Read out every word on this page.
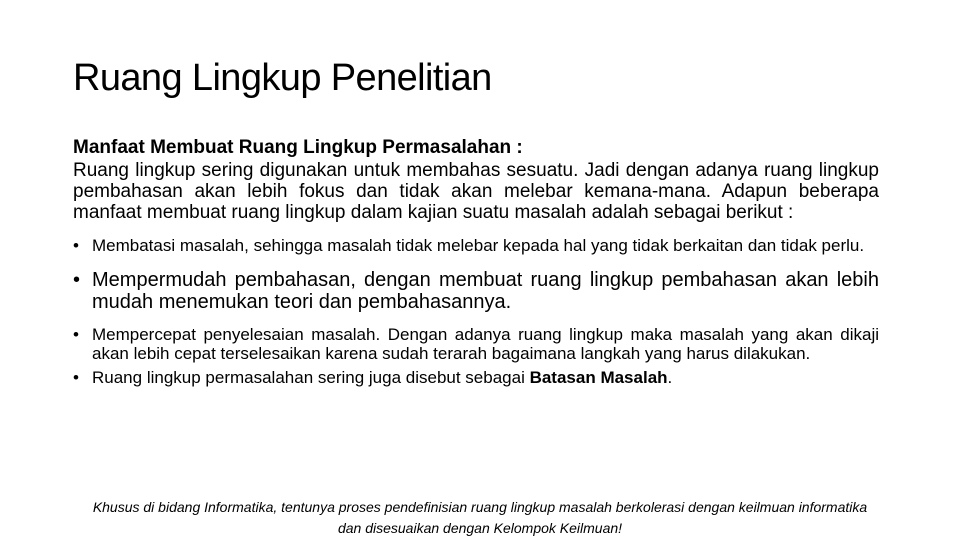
Ruang Lingkup Penelitian

Manfaat Membuat Ruang Lingkup Permasalahan :

Ruang lingkup sering digunakan untuk membahas sesuatu. Jadi dengan adanya ruang lingkup pembahasan akan lebih fokus dan tidak akan melebar kemana-mana. Adapun beberapa manfaat membuat ruang lingkup dalam kajian suatu masalah adalah sebagai berikut :

• Membatasi masalah, sehingga masalah tidak melebar kepada hal yang tidak berkaitan dan tidak perlu.
• Mempermudah pembahasan, dengan membuat ruang lingkup pembahasan akan lebih mudah menemukan teori dan pembahasannya.
• Mempercepat penyelesaian masalah. Dengan adanya ruang lingkup maka masalah yang akan dikaji akan lebih cepat terselesaikan karena sudah terarah bagaimana langkah yang harus dilakukan.
• Ruang lingkup permasalahan sering juga disebut sebagai Batasan Masalah.

Khusus di bidang Informatika, tentunya proses pendefinisian ruang lingkup masalah berkolerasi dengan keilmuan informatika dan disesuaikan dengan Kelompok Keilmuan!
